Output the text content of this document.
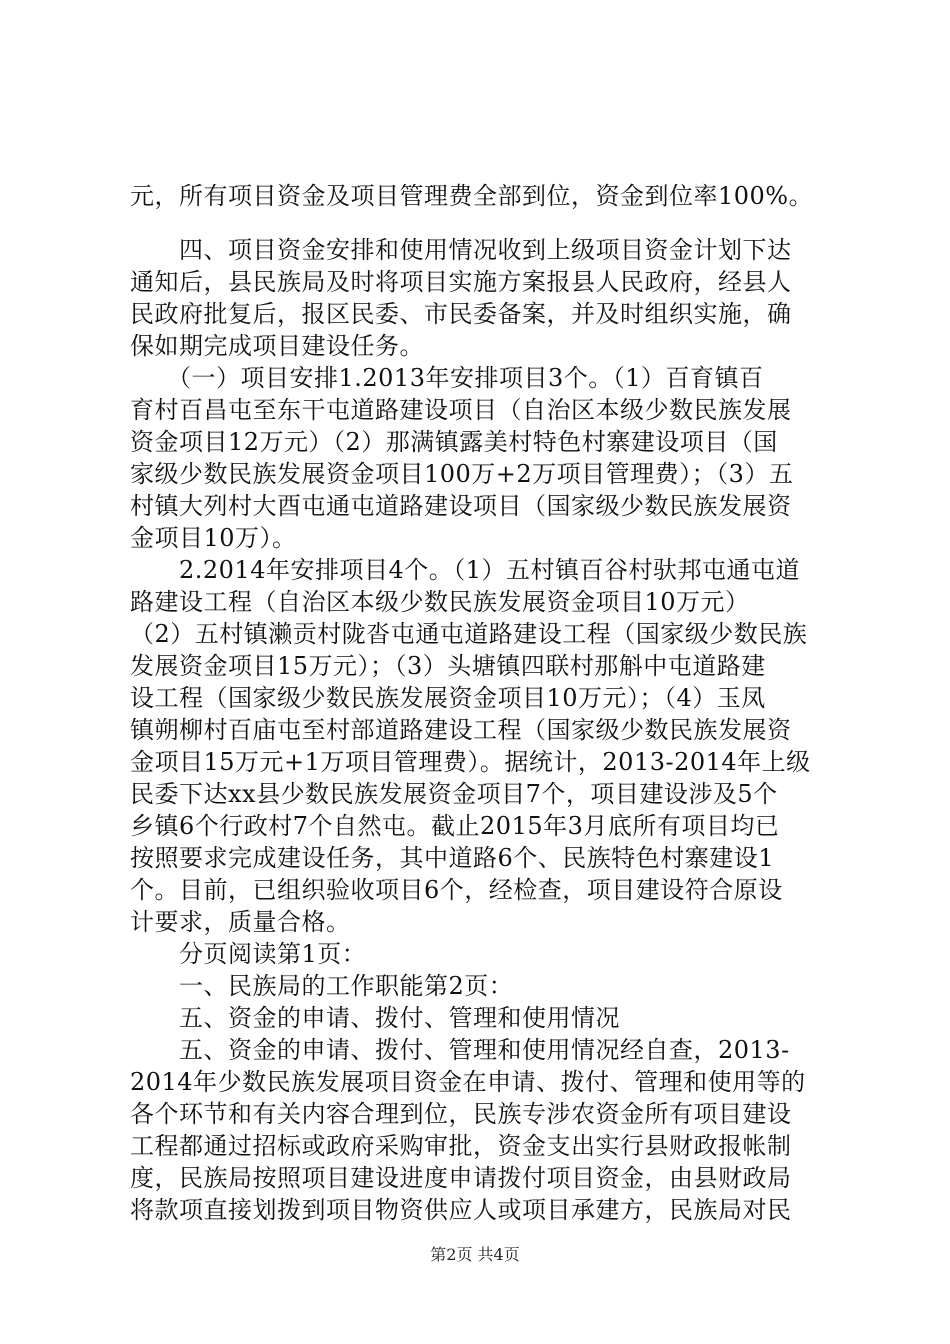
元，所有项目资金及项目管理费全部到位，资金到位率100%。
　　四、项目资金安排和使用情况收到上级项目资金计划下达
通知后，县民族局及时将项目实施方案报县人民政府，经县人
民政府批复后，报区民委、市民委备案，并及时组织实施，确
保如期完成项目建设任务。
　　（一）项目安排1.2013年安排项目3个。（1）百育镇百
育村百昌屯至东干屯道路建设项目（自治区本级少数民族发展
资金项目12万元）（2）那满镇露美村特色村寨建设项目（国
家级少数民族发展资金项目100万+2万项目管理费）；（3）五
村镇大列村大酉屯通屯道路建设项目（国家级少数民族发展资
金项目10万）。
　　2.2014年安排项目4个。（1）五村镇百谷村驮邦屯通屯道
路建设工程（自治区本级少数民族发展资金项目10万元）
（2）五村镇濑贡村陇沓屯通屯道路建设工程（国家级少数民族
发展资金项目15万元）；（3）头塘镇四联村那斛中屯道路建
设工程（国家级少数民族发展资金项目10万元）；（4）玉凤
镇朔柳村百庙屯至村部道路建设工程（国家级少数民族发展资
金项目15万元+1万项目管理费）。据统计，2013-2014年上级
民委下达xx县少数民族发展资金项目7个，项目建设涉及5个
乡镇6个行政村7个自然屯。截止2015年3月底所有项目均已
按照要求完成建设任务，其中道路6个、民族特色村寨建设1
个。目前，已组织验收项目6个，经检查，项目建设符合原设
计要求，质量合格。
　　分页阅读第1页：
　　一、民族局的工作职能第2页：
　　五、资金的申请、拨付、管理和使用情况
　　五、资金的申请、拨付、管理和使用情况经自查，2013-
2014年少数民族发展项目资金在申请、拨付、管理和使用等的
各个环节和有关内容合理到位，民族专涉农资金所有项目建设
工程都通过招标或政府采购审批，资金支出实行县财政报帐制
度，民族局按照项目建设进度申请拨付项目资金，由县财政局
将款项直接划拨到项目物资供应人或项目承建方，民族局对民
第2页 共4页
